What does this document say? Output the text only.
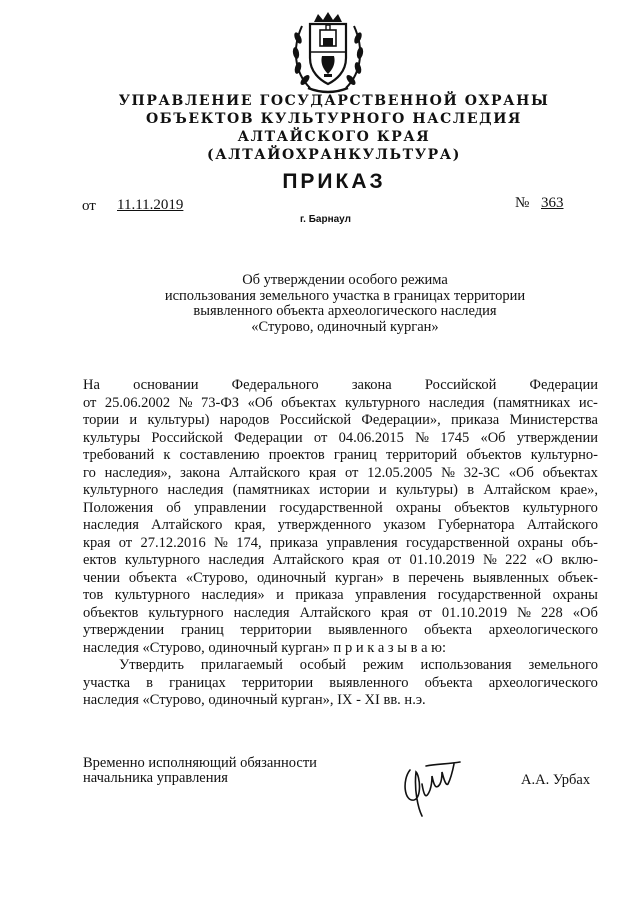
УПРАВЛЕНИЕ ГОСУДАРСТВЕННОЙ ОХРАНЫ
ОБЪЕКТОВ КУЛЬТУРНОГО НАСЛЕДИЯ
АЛТАЙСКОГО КРАЯ
(АЛТАЙОХРАНКУЛЬТУРА)
ПРИКАЗ
от 11.11.2019	№ 363
г. Барнаул
Об утверждении особого режима
использования земельного участка в границах территории
выявленного объекта археологического наследия
«Стурово, одиночный курган»
На основании Федерального закона Российской Федерации
от 25.06.2002 № 73-ФЗ «Об объектах культурного наследия (памятниках ис-
тории и культуры) народов Российской Федерации», приказа Министерства
культуры Российской Федерации от 04.06.2015 № 1745 «Об утверждении
требований к составлению проектов границ территорий объектов культурно-
го наследия», закона Алтайского края от 12.05.2005 № 32-ЗС «Об объектах
культурного наследия (памятниках истории и культуры) в Алтайском крае»,
Положения об управлении государственной охраны объектов культурного
наследия Алтайского края, утвержденного указом Губернатора Алтайского
края от 27.12.2016 № 174, приказа управления государственной охраны объ-
ектов культурного наследия Алтайского края от 01.10.2019 № 222 «О вклю-
чении объекта «Стурово, одиночный курган» в перечень выявленных объек-
тов культурного наследия» и приказа управления государственной охраны
объектов культурного наследия Алтайского края от 01.10.2019 № 228 «Об
утверждении границ территории выявленного объекта археологического
наследия «Стурово, одиночный курган» п р и к а з ы в а ю:
Утвердить прилагаемый особый режим использования земельного
участка в границах территории выявленного объекта археологического
наследия «Стурово, одиночный курган», IX - XI вв. н.э.
Временно исполняющий обязанности
начальника управления	А.А. Урбах
